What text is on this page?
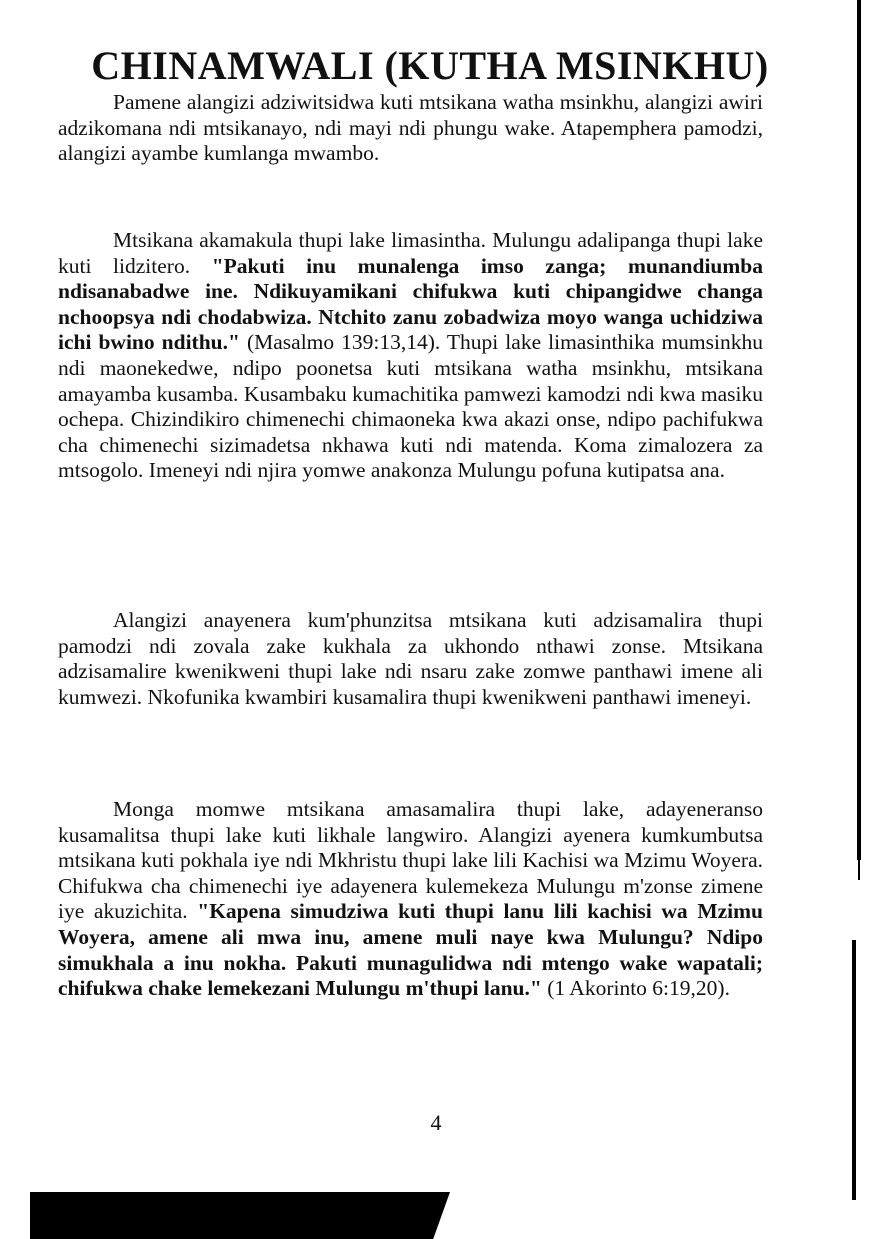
CHINAMWALI (KUTHA MSINKHU)
Pamene alangizi adziwitsidwa kuti mtsikana watha msinkhu, alangizi awiri adzikomana ndi mtsikanayo, ndi mayi ndi phungu wake. Atapemphera pamodzi, alangizi ayambe kumlanga mwambo.
Mtsikana akamakula thupi lake limasintha. Mulungu adalipanga thupi lake kuti lidzitero. "Pakuti inu munalenga imso zanga; munandiumba ndisanabadwe ine. Ndikuyamikani chifukwa kuti chipangidwe changa nchoopsya ndi chodabwiza. Ntchito zanu zobadwiza moyo wanga uchidziwa ichi bwino ndithu." (Masalmo 139:13,14). Thupi lake limasinthika mumsinkhu ndi maonekedwe, ndipo poonetsa kuti mtsikana watha msinkhu, mtsikana amayamba kusamba. Kusambaku kumachitika pamwezi kamodzi ndi kwa masiku ochepa. Chizindikiro chimenechi chimaoneka kwa akazi onse, ndipo pachifukwa cha chimenechi sizimadetsa nkhawa kuti ndi matenda. Koma zimalozera za mtsogolo. Imeneyi ndi njira yomwe anakonza Mulungu pofuna kutipatsa ana.
Alangizi anayenera kum'phunzitsa mtsikana kuti adzisamalira thupi pamodzi ndi zovala zake kukhala za ukhondo nthawi zonse. Mtsikana adzisamalire kwenikweni thupi lake ndi nsaru zake zomwe panthawi imene ali kumwezi. Nkofunika kwambiri kusamalira thupi kwenikweni panthawi imeneyi.
Monga momwe mtsikana amasamalira thupi lake, adayeneranso kusamalitsa thupi lake kuti likhale langwiro. Alangizi ayenera kumkumbutsa mtsikana kuti pokhala iye ndi Mkhristu thupi lake lili Kachisi wa Mzimu Woyera. Chifukwa cha chimenechi iye adayenera kulemekeza Mulungu m'zonse zimene iye akuzichita. "Kapena simudziwa kuti thupi lanu lili kachisi wa Mzimu Woyera, amene ali mwa inu, amene muli naye kwa Mulungu? Ndipo simukhala a inu nokha. Pakuti munagulidwa ndi mtengo wake wapatali; chifukwa chake lemekezani Mulungu m'thupi lanu." (1 Akorinto 6:19,20).
4
